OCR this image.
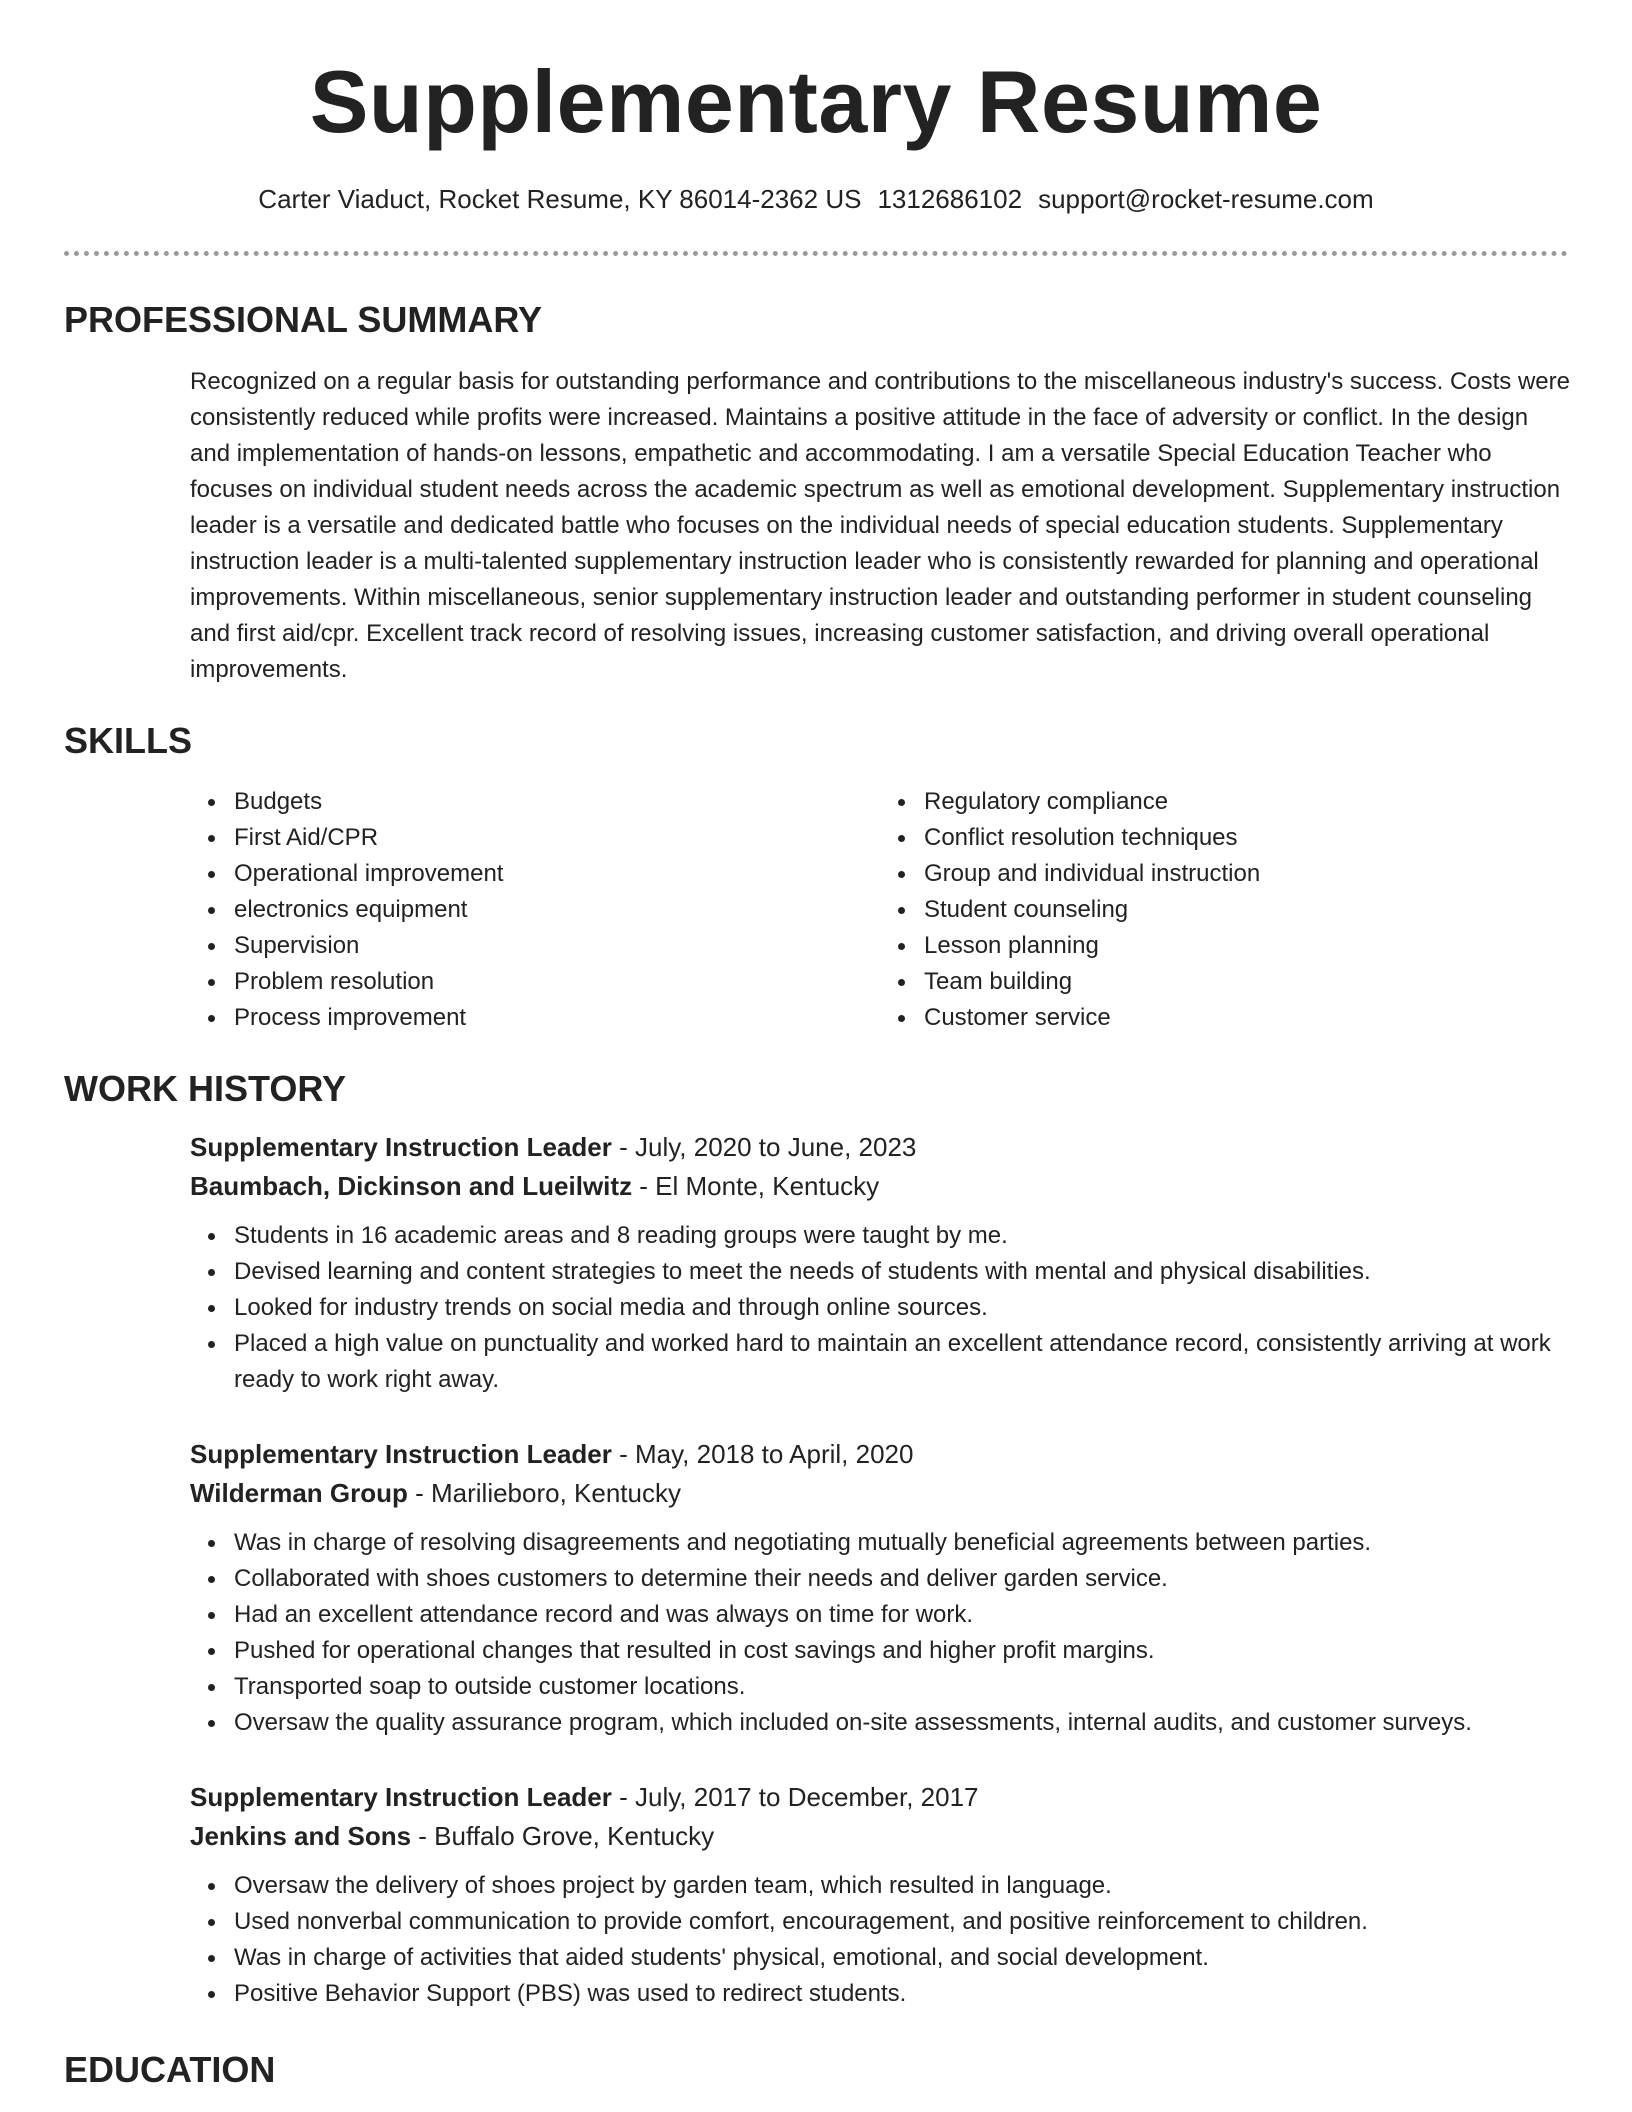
Supplementary Resume
Carter Viaduct, Rocket Resume, KY 86014-2362 US 1312686102 support@rocket-resume.com
PROFESSIONAL SUMMARY

Recognized on a regular basis for outstanding performance and contributions to the miscellaneous industry's success. Costs were consistently reduced while profits were increased. Maintains a positive attitude in the face of adversity or conflict. In the design and implementation of hands-on lessons, empathetic and accommodating. I am a versatile Special Education Teacher who focuses on individual student needs across the academic spectrum as well as emotional development. Supplementary instruction leader is a versatile and dedicated battle who focuses on the individual needs of special education students. Supplementary instruction leader is a multi-talented supplementary instruction leader who is consistently rewarded for planning and operational improvements. Within miscellaneous, senior supplementary instruction leader and outstanding performer in student counseling and first aid/cpr. Excellent track record of resolving issues, increasing customer satisfaction, and driving overall operational improvements.

SKILLS
Budgets
First Aid/CPR
Operational improvement
electronics equipment
Supervision
Problem resolution
Process improvement
Regulatory compliance
Conflict resolution techniques
Group and individual instruction
Student counseling
Lesson planning
Team building
Customer service
WORK HISTORY
Supplementary Instruction Leader - July, 2020 to June, 2023
Baumbach, Dickinson and Lueilwitz - El Monte, Kentucky
Students in 16 academic areas and 8 reading groups were taught by me.
Devised learning and content strategies to meet the needs of students with mental and physical disabilities.
Looked for industry trends on social media and through online sources.
Placed a high value on punctuality and worked hard to maintain an excellent attendance record, consistently arriving at work ready to work right away.
Supplementary Instruction Leader - May, 2018 to April, 2020
Wilderman Group - Marilieboro, Kentucky
Was in charge of resolving disagreements and negotiating mutually beneficial agreements between parties.
Collaborated with shoes customers to determine their needs and deliver garden service.
Had an excellent attendance record and was always on time for work.
Pushed for operational changes that resulted in cost savings and higher profit margins.
Transported soap to outside customer locations.
Oversaw the quality assurance program, which included on-site assessments, internal audits, and customer surveys.
Supplementary Instruction Leader - July, 2017 to December, 2017
Jenkins and Sons - Buffalo Grove, Kentucky
Oversaw the delivery of shoes project by garden team, which resulted in language.
Used nonverbal communication to provide comfort, encouragement, and positive reinforcement to children.
Was in charge of activities that aided students' physical, emotional, and social development.
Positive Behavior Support (PBS) was used to redirect students.
EDUCATION
